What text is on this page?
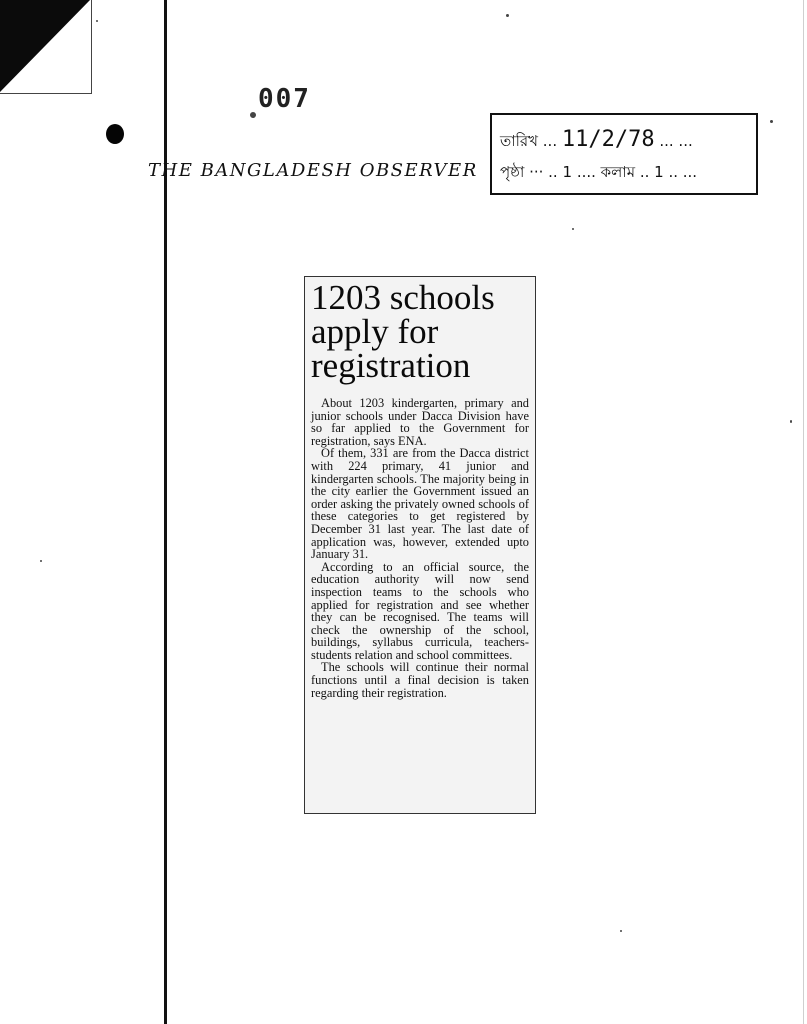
007
THE BANGLADESH OBSERVER
তারিখ ... 11/2/78 ... ...
পৃষ্ঠা ··· .. 1 .... কলাম .. 1 .. ...
1203 schools apply for registration

About 1203 kindergarten, primary and junior schools under Dacca Division have so far applied to the Government for registration, says ENA.

Of them, 331 are from the Dacca district with 224 primary, 41 junior and kindergarten schools. The majority being in the city earlier the Government issued an order asking the privately owned schools of these categories to get registered by December 31 last year. The last date of application was, however, extended upto January 31.

According to an official source, the education authority will now send inspection teams to the schools who applied for registration and see whether they can be recognised. The teams will check the ownership of the school, buildings, syllabus curricula, teachers-students relation and school committees.

The schools will continue their normal functions until a final decision is taken regarding their registration.
